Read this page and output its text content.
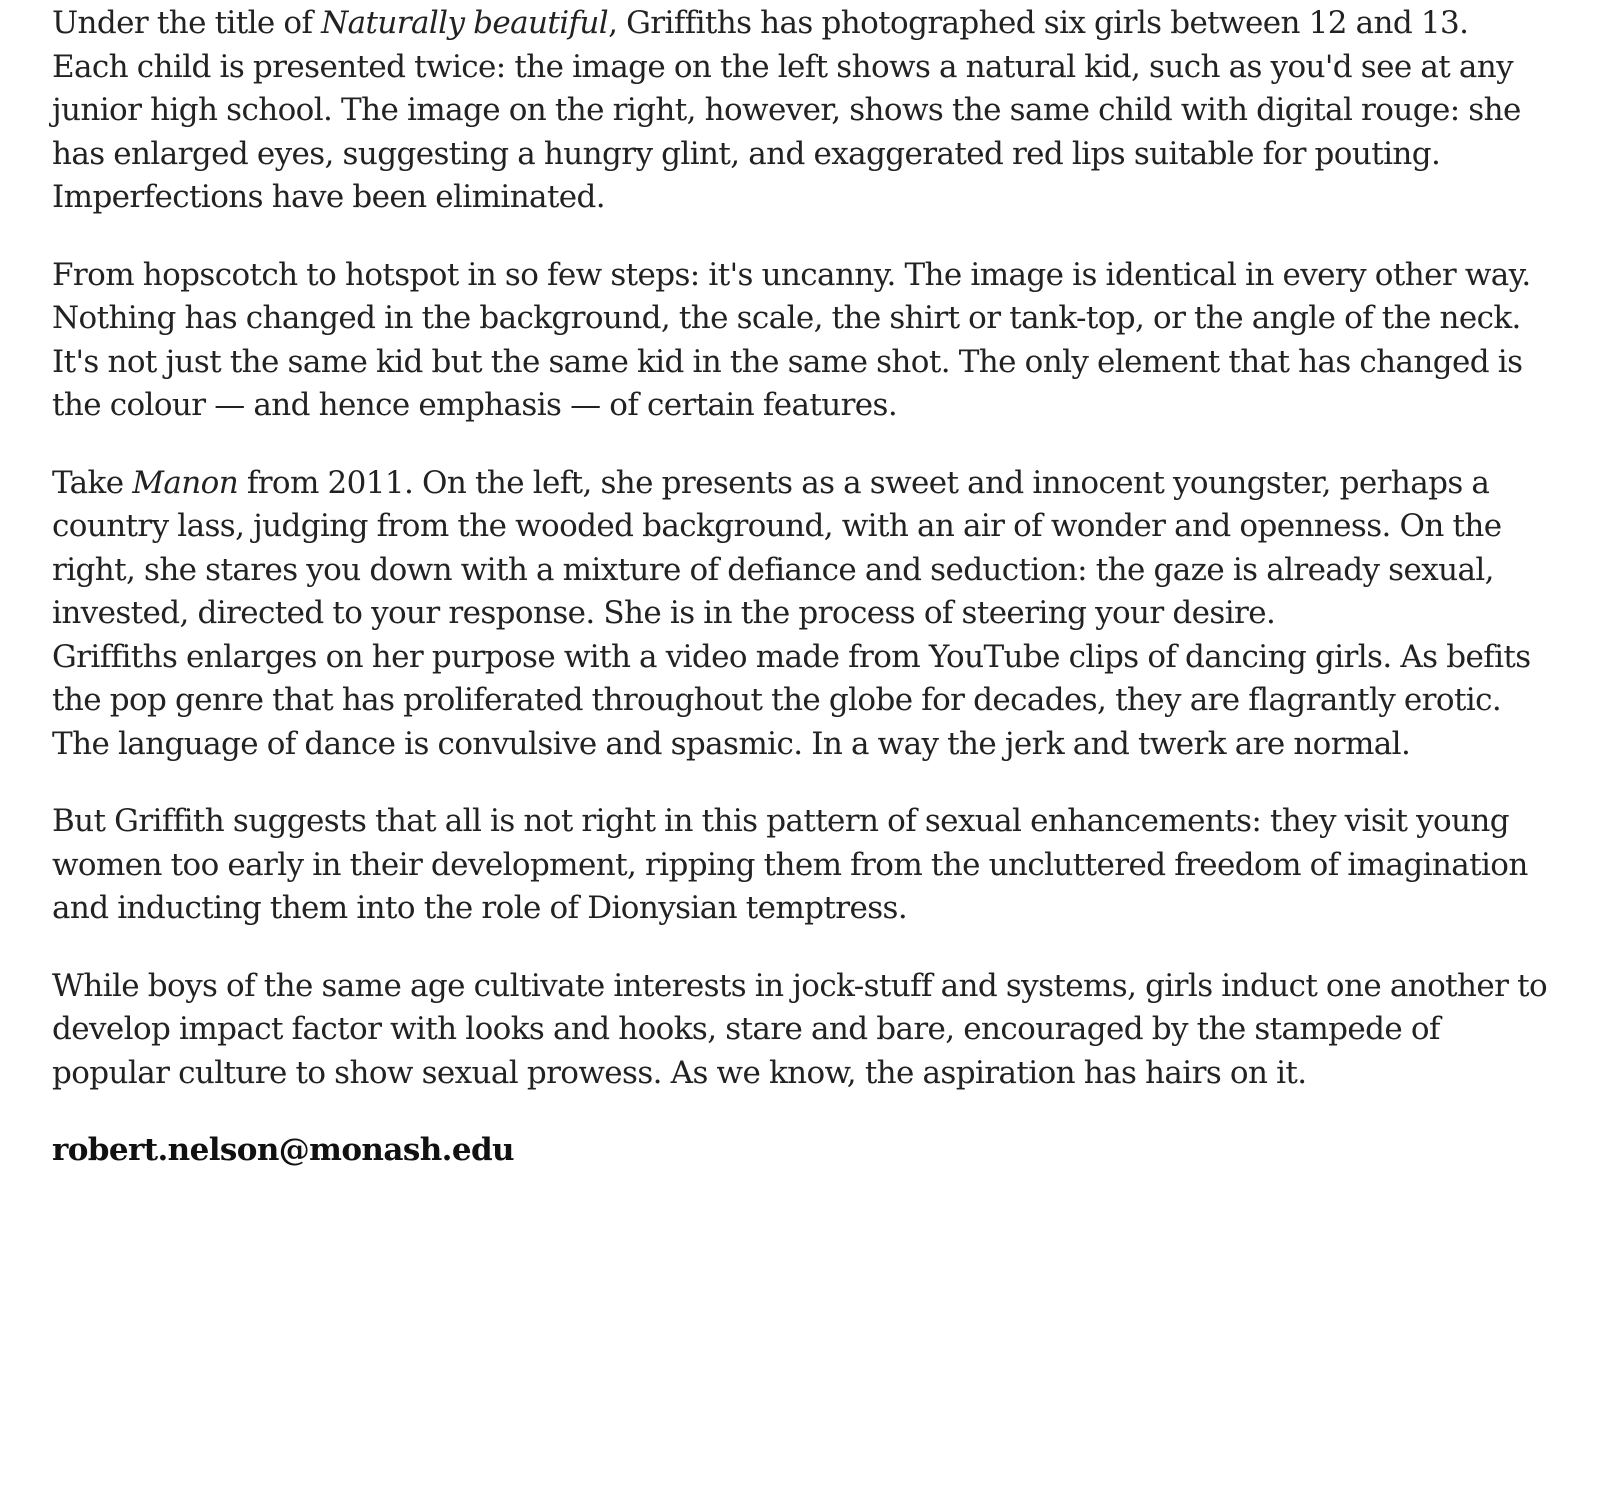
Under the title of Naturally beautiful, Griffiths has photographed six girls between 12 and 13. Each child is presented twice: the image on the left shows a natural kid, such as you'd see at any junior high school. The image on the right, however, shows the same child with digital rouge: she has enlarged eyes, suggesting a hungry glint, and exaggerated red lips suitable for pouting. Imperfections have been eliminated.

From hopscotch to hotspot in so few steps: it's uncanny. The image is identical in every other way. Nothing has changed in the background, the scale, the shirt or tank-top, or the angle of the neck. It's not just the same kid but the same kid in the same shot. The only element that has changed is the colour — and hence emphasis — of certain features.

Take Manon from 2011. On the left, she presents as a sweet and innocent youngster, perhaps a country lass, judging from the wooded background, with an air of wonder and openness. On the right, she stares you down with a mixture of defiance and seduction: the gaze is already sexual, invested, directed to your response. She is in the process of steering your desire.

Griffiths enlarges on her purpose with a video made from YouTube clips of dancing girls. As befits the pop genre that has proliferated throughout the globe for decades, they are flagrantly erotic. The language of dance is convulsive and spasmic. In a way the jerk and twerk are normal.

But Griffith suggests that all is not right in this pattern of sexual enhancements: they visit young women too early in their development, ripping them from the uncluttered freedom of imagination and inducting them into the role of Dionysian temptress.

While boys of the same age cultivate interests in jock-stuff and systems, girls induct one another to develop impact factor with looks and hooks, stare and bare, encouraged by the stampede of popular culture to show sexual prowess. As we know, the aspiration has hairs on it.

robert.nelson@monash.edu
